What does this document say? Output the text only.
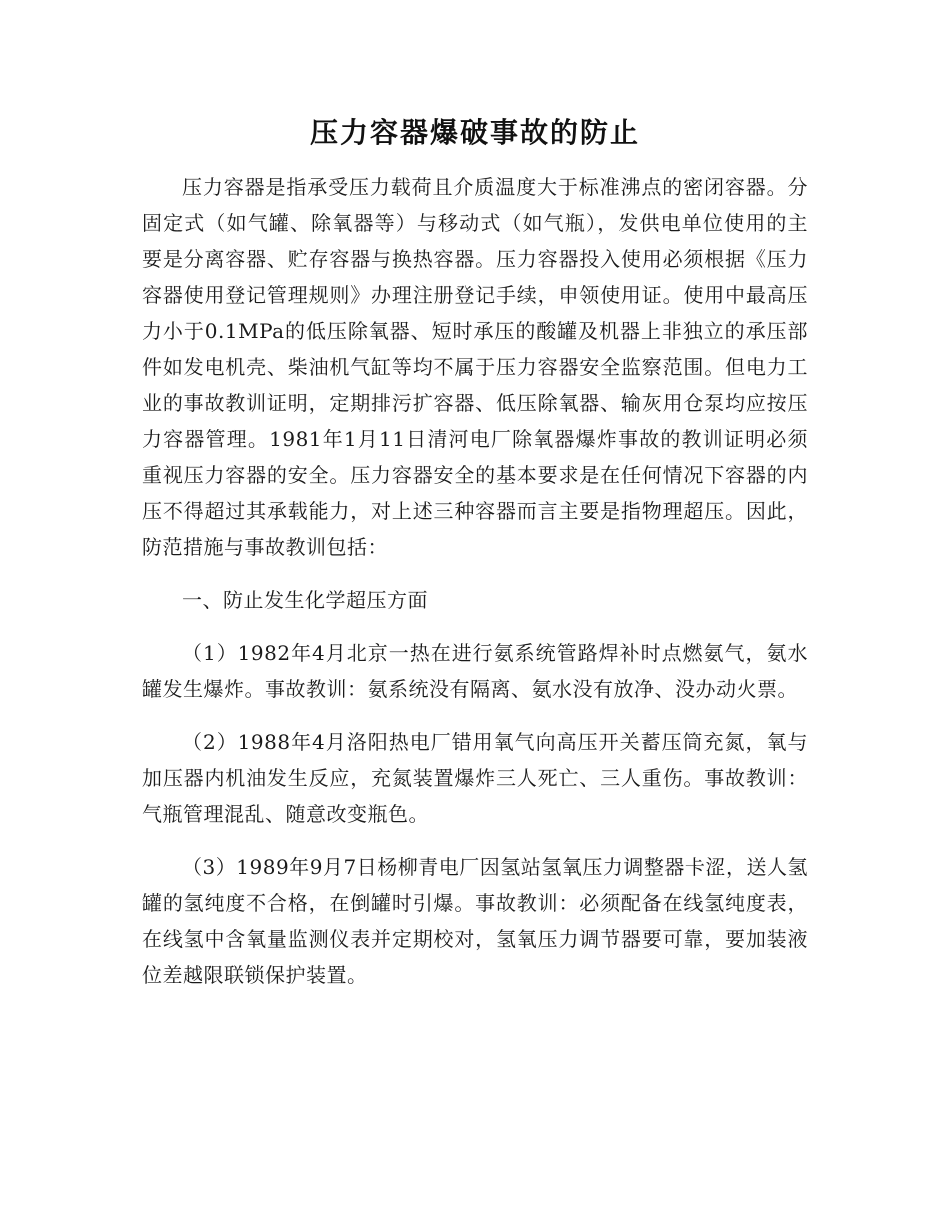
压力容器爆破事故的防止

压力容器是指承受压力载荷且介质温度大于标准沸点的密闭容器。分固定式（如气罐、除氧器等）与移动式（如气瓶），发供电单位使用的主要是分离容器、贮存容器与换热容器。压力容器投入使用必须根据《压力容器使用登记管理规则》办理注册登记手续，申领使用证。使用中最高压力小于0.1MPa的低压除氧器、短时承压的酸罐及机器上非独立的承压部件如发电机壳、柴油机气缸等均不属于压力容器安全监察范围。但电力工业的事故教训证明，定期排污扩容器、低压除氧器、输灰用仓泵均应按压力容器管理。1981年1月11日清河电厂除氧器爆炸事故的教训证明必须重视压力容器的安全。压力容器安全的基本要求是在任何情况下容器的内压不得超过其承载能力，对上述三种容器而言主要是指物理超压。因此，防范措施与事故教训包括：

一、防止发生化学超压方面

（1）1982年4月北京一热在进行氨系统管路焊补时点燃氨气，氨水罐发生爆炸。事故教训：氨系统没有隔离、氨水没有放净、没办动火票。

（2）1988年4月洛阳热电厂错用氧气向高压开关蓄压筒充氮，氧与加压器内机油发生反应，充氮装置爆炸三人死亡、三人重伤。事故教训：气瓶管理混乱、随意改变瓶色。

（3）1989年9月7日杨柳青电厂因氢站氢氧压力调整器卡涩，送人氢罐的氢纯度不合格，在倒罐时引爆。事故教训：必须配备在线氢纯度表，在线氢中含氧量监测仪表并定期校对，氢氧压力调节器要可靠，要加装液位差越限联锁保护装置。
